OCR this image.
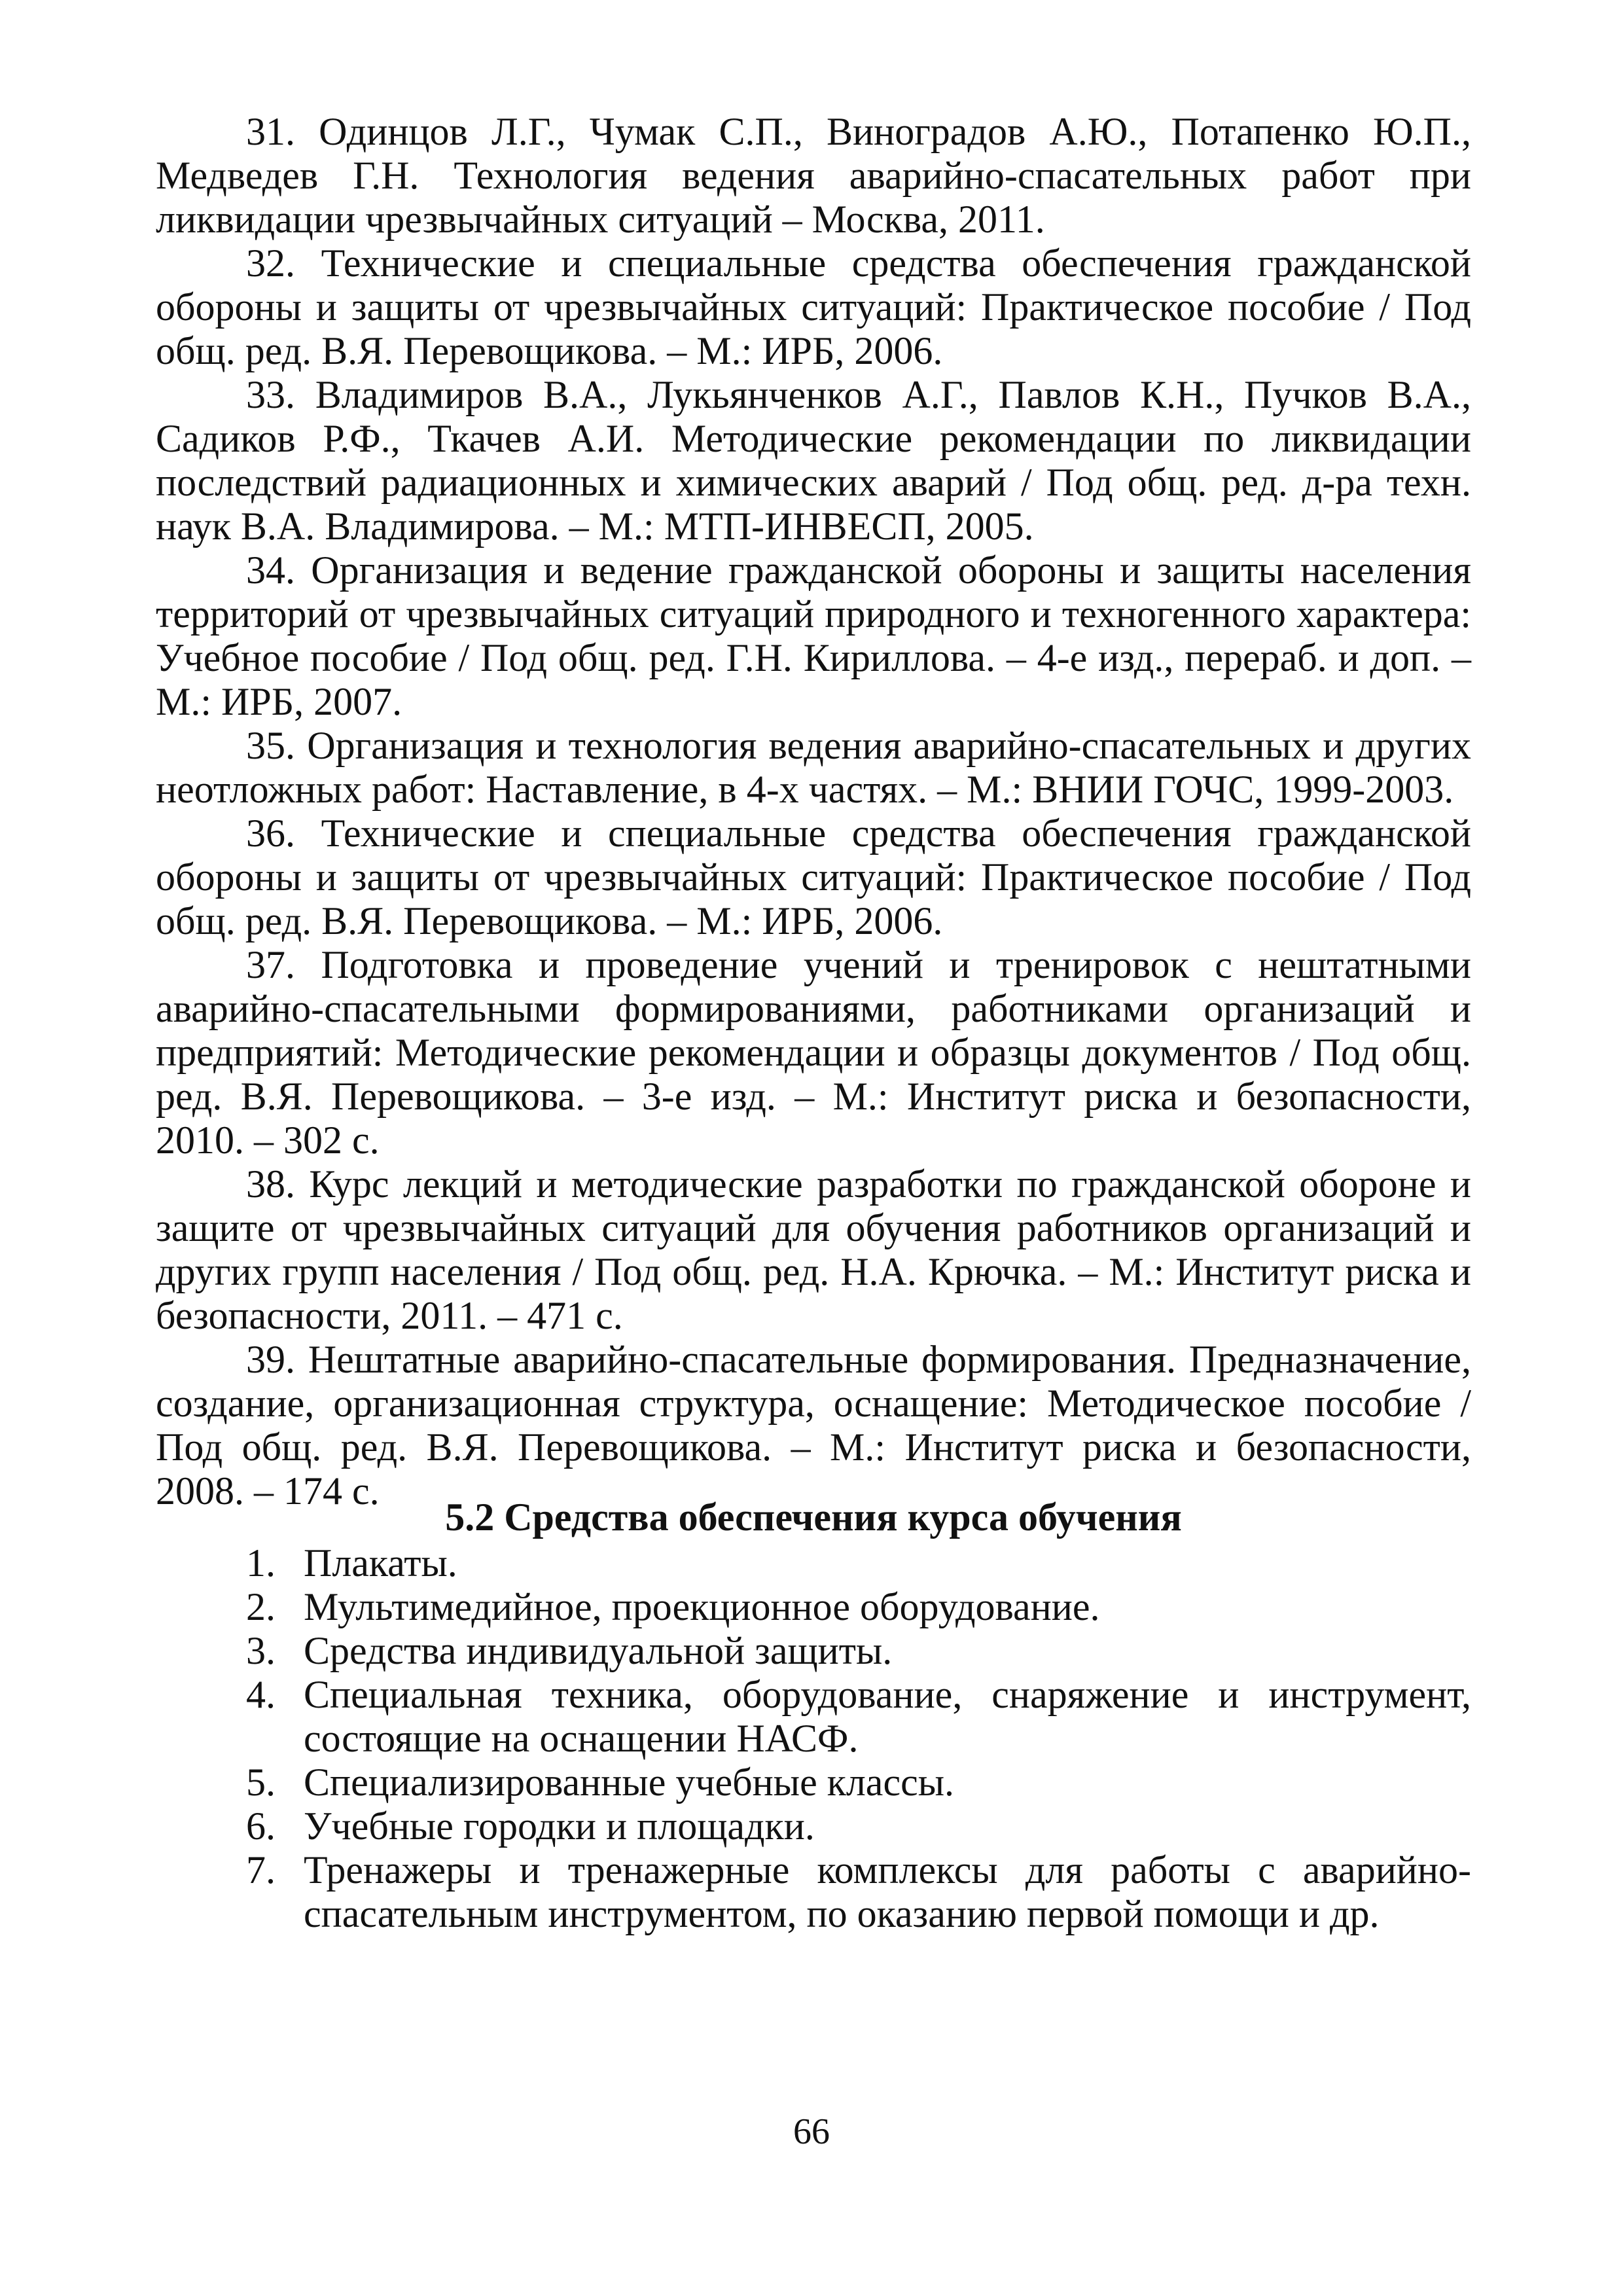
31. Одинцов Л.Г., Чумак С.П., Виноградов А.Ю., Потапенко Ю.П., Медведев Г.Н. Технология ведения аварийно-спасательных работ при ликвидации чрезвычайных ситуаций – Москва, 2011.
32. Технические и специальные средства обеспечения гражданской обороны и защиты от чрезвычайных ситуаций: Практическое пособие / Под общ. ред. В.Я. Перевощикова. – М.: ИРБ, 2006.
33. Владимиров В.А., Лукьянченков А.Г., Павлов К.Н., Пучков В.А., Садиков Р.Ф., Ткачев А.И. Методические рекомендации по ликвидации последствий радиационных и химических аварий / Под общ. ред. д-ра техн. наук В.А. Владимирова. – М.: МТП-ИНВЕСП, 2005.
34. Организация и ведение гражданской обороны и защиты населения территорий от чрезвычайных ситуаций природного и техногенного характера: Учебное пособие / Под общ. ред. Г.Н. Кириллова. – 4-е изд., перераб. и доп. – М.: ИРБ, 2007.
35. Организация и технология ведения аварийно-спасательных и других неотложных работ: Наставление, в 4-х частях. – М.: ВНИИ ГОЧС, 1999-2003.
36. Технические и специальные средства обеспечения гражданской обороны и защиты от чрезвычайных ситуаций: Практическое пособие / Под общ. ред. В.Я. Перевощикова. – М.: ИРБ, 2006.
37. Подготовка и проведение учений и тренировок с нештатными аварийно-спасательными формированиями, работниками организаций и предприятий: Методические рекомендации и образцы документов / Под общ. ред. В.Я. Перевощикова. – 3-е изд. – М.: Институт риска и безопасности, 2010. – 302 с.
38. Курс лекций и методические разработки по гражданской обороне и защите от чрезвычайных ситуаций для обучения работников организаций и других групп населения / Под общ. ред. Н.А. Крючка. – М.: Институт риска и безопасности, 2011. – 471 с.
39. Нештатные аварийно-спасательные формирования. Предназначение, создание, организационная структура, оснащение: Методическое пособие / Под общ. ред. В.Я. Перевощикова. – М.: Институт риска и безопасности, 2008. – 174 с.
5.2 Средства обеспечения курса обучения
1. Плакаты.
2. Мультимедийное, проекционное оборудование.
3. Средства индивидуальной защиты.
4. Специальная техника, оборудование, снаряжение и инструмент, состоящие на оснащении НАСФ.
5. Специализированные учебные классы.
6. Учебные городки и площадки.
7. Тренажеры и тренажерные комплексы для работы с аварийно-спасательным инструментом, по оказанию первой помощи и др.
66
